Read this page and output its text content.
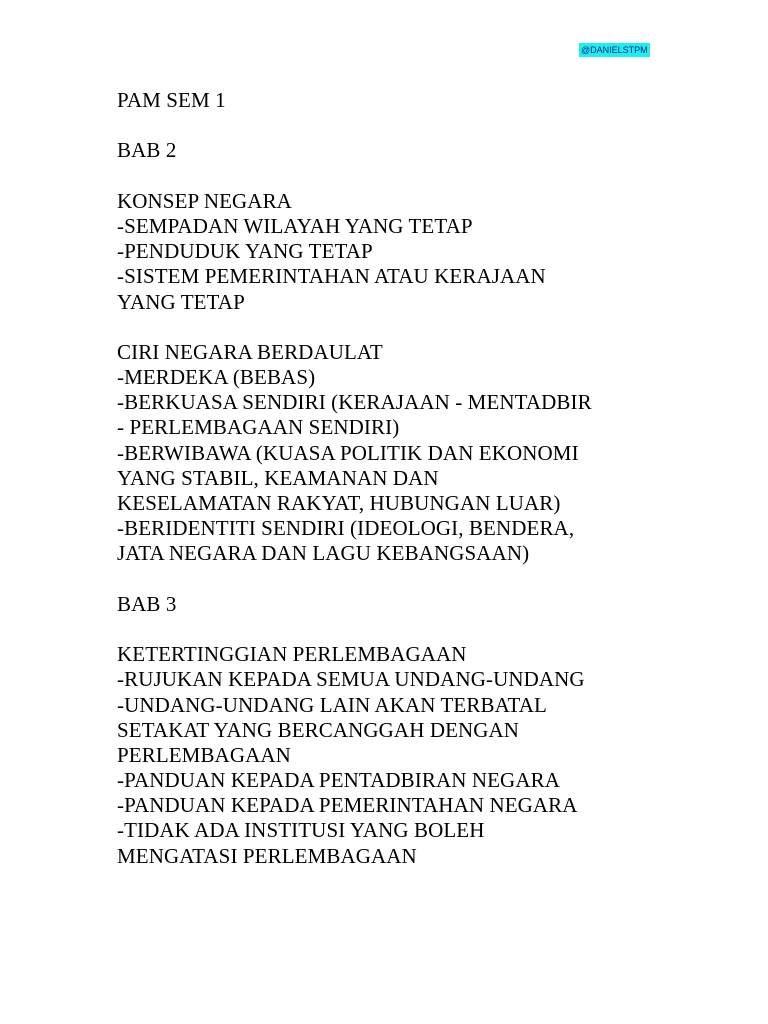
@DANIELSTPM
PAM SEM 1
BAB 2
KONSEP NEGARA
-SEMPADAN WILAYAH YANG TETAP
-PENDUDUK YANG TETAP
-SISTEM PEMERINTAHAN ATAU KERAJAAN
YANG TETAP
CIRI NEGARA BERDAULAT
-MERDEKA (BEBAS)
-BERKUASA SENDIRI (KERAJAAN - MENTADBIR
- PERLEMBAGAAN SENDIRI)
-BERWIBAWA (KUASA POLITIK DAN EKONOMI
YANG STABIL, KEAMANAN DAN
KESELAMATAN RAKYAT, HUBUNGAN LUAR)
-BERIDENTITI SENDIRI (IDEOLOGI, BENDERA,
JATA NEGARA DAN LAGU KEBANGSAAN)
BAB 3
KETERTINGGIAN PERLEMBAGAAN
-RUJUKAN KEPADA SEMUA UNDANG-UNDANG
-UNDANG-UNDANG LAIN AKAN TERBATAL
SETAKAT YANG BERCANGGAH DENGAN
PERLEMBAGAAN
-PANDUAN KEPADA PENTADBIRAN NEGARA
-PANDUAN KEPADA PEMERINTAHAN NEGARA
-TIDAK ADA INSTITUSI YANG BOLEH
MENGATASI PERLEMBAGAAN
